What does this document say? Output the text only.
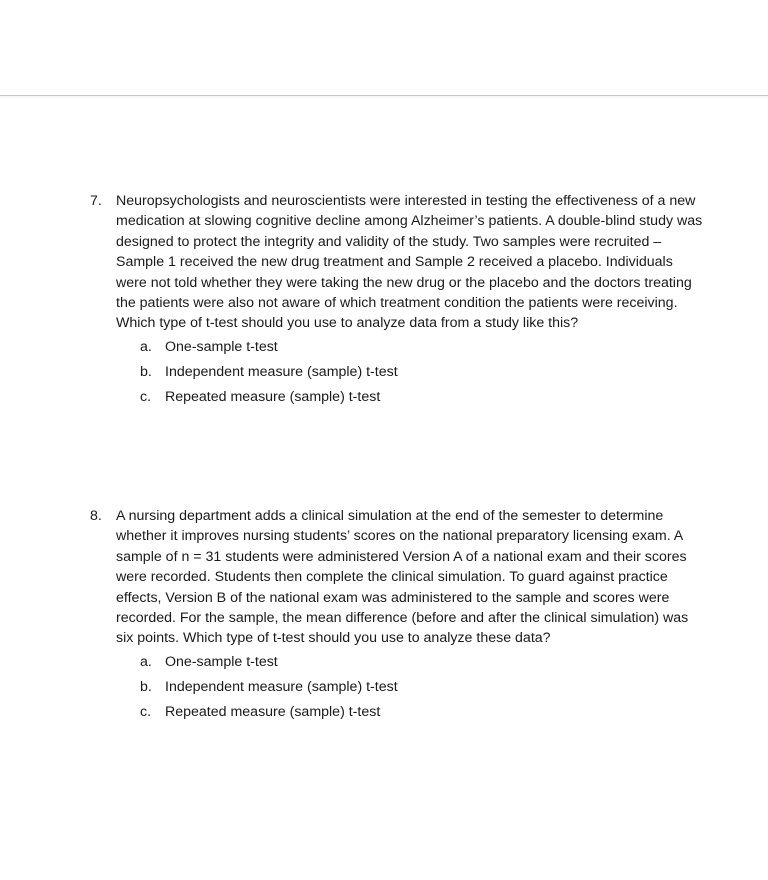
7. Neuropsychologists and neuroscientists were interested in testing the effectiveness of a new medication at slowing cognitive decline among Alzheimer’s patients. A double-blind study was designed to protect the integrity and validity of the study. Two samples were recruited – Sample 1 received the new drug treatment and Sample 2 received a placebo. Individuals were not told whether they were taking the new drug or the placebo and the doctors treating the patients were also not aware of which treatment condition the patients were receiving. Which type of t-test should you use to analyze data from a study like this?
a. One-sample t-test
b. Independent measure (sample) t-test
c. Repeated measure (sample) t-test
8. A nursing department adds a clinical simulation at the end of the semester to determine whether it improves nursing students’ scores on the national preparatory licensing exam. A sample of n = 31 students were administered Version A of a national exam and their scores were recorded. Students then complete the clinical simulation. To guard against practice effects, Version B of the national exam was administered to the sample and scores were recorded. For the sample, the mean difference (before and after the clinical simulation) was six points. Which type of t-test should you use to analyze these data?
a. One-sample t-test
b. Independent measure (sample) t-test
c. Repeated measure (sample) t-test
